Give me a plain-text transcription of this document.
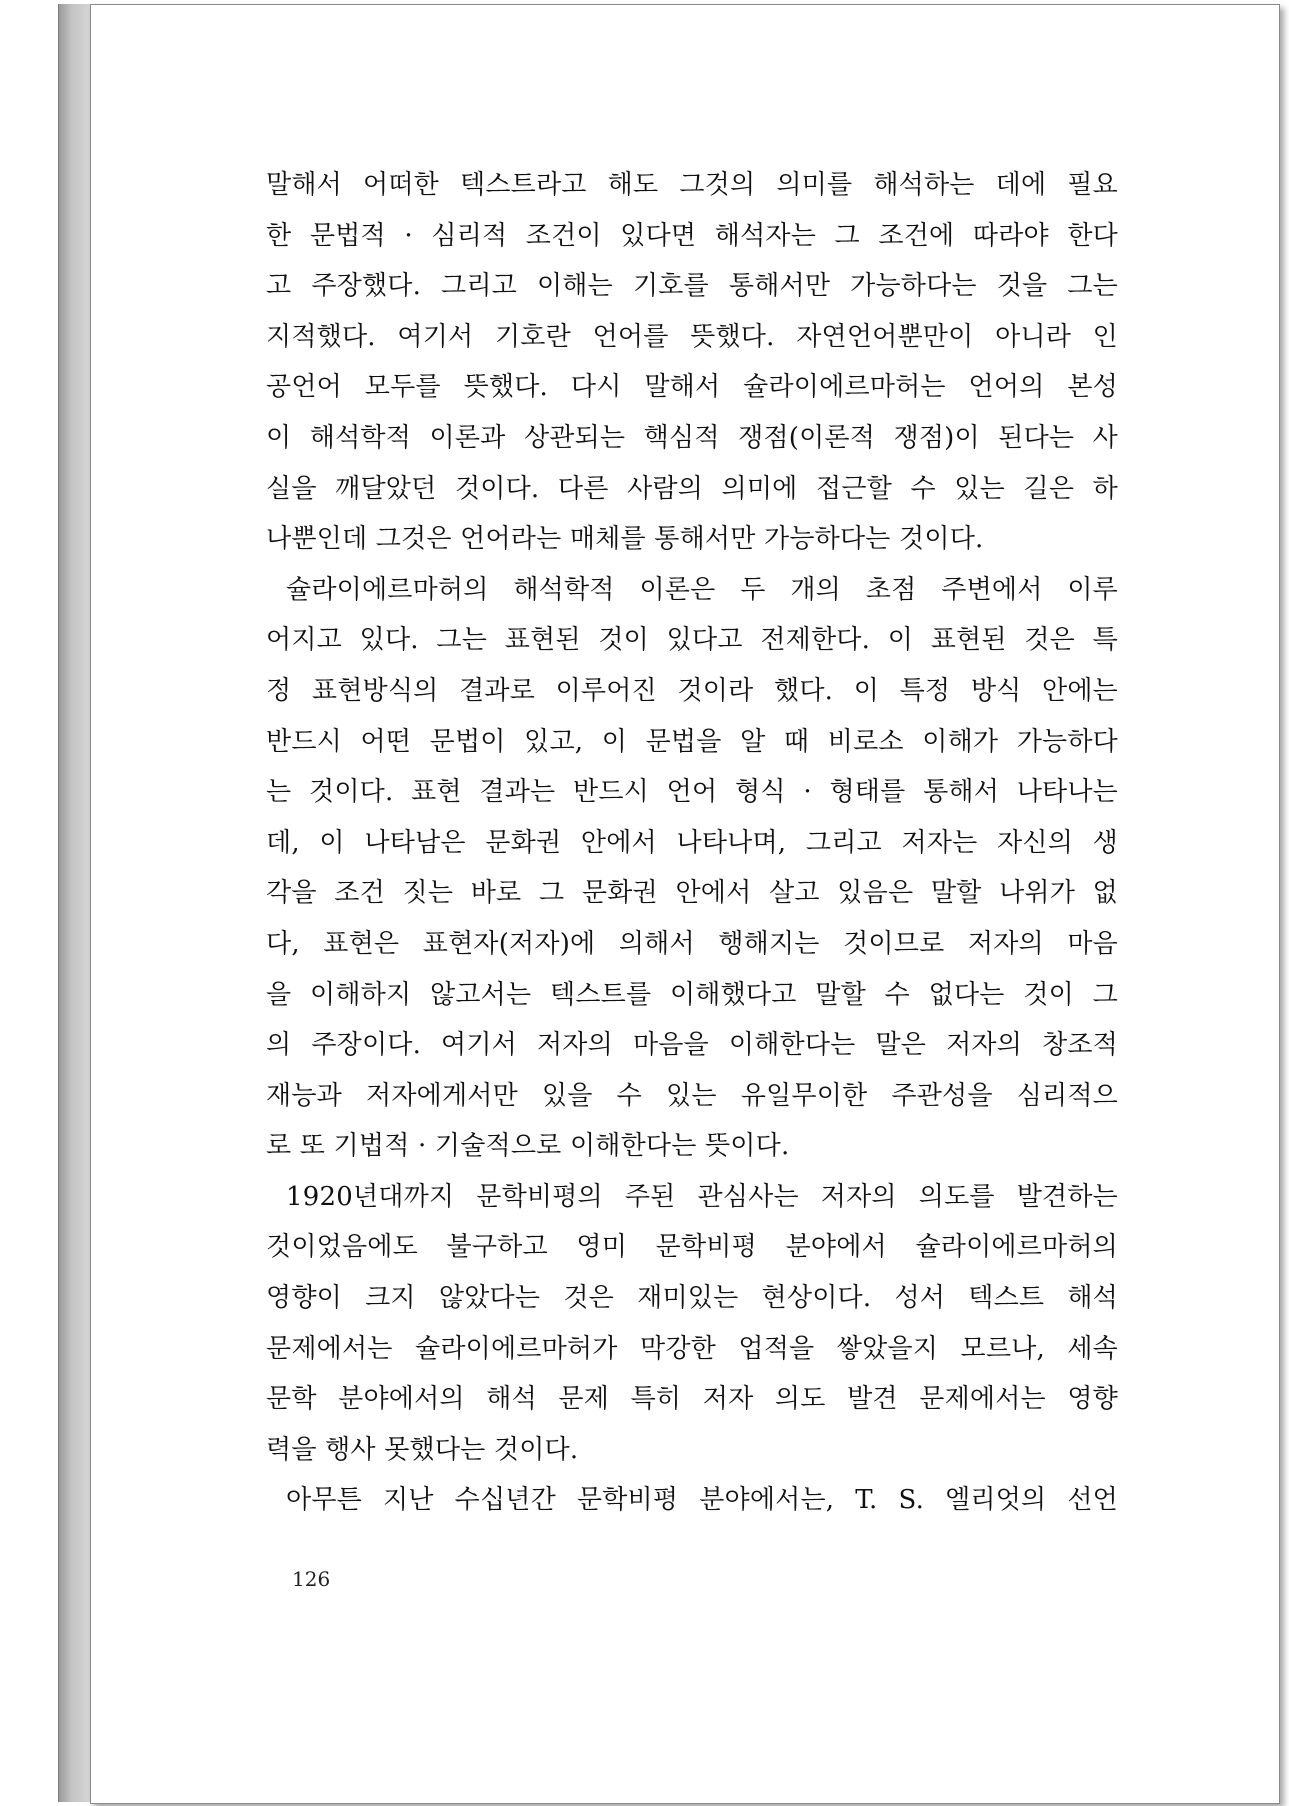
말해서 어떠한 텍스트라고 해도 그것의 의미를 해석하는 데에 필요
한 문법적 · 심리적 조건이 있다면 해석자는 그 조건에 따라야 한다
고 주장했다. 그리고 이해는 기호를 통해서만 가능하다는 것을 그는
지적했다. 여기서 기호란 언어를 뜻했다. 자연언어뿐만이 아니라 인
공언어 모두를 뜻했다. 다시 말해서 슐라이에르마허는 언어의 본성
이 해석학적 이론과 상관되는 핵심적 쟁점(이론적 쟁점)이 된다는 사
실을 깨달았던 것이다. 다른 사람의 의미에 접근할 수 있는 길은 하
나뿐인데 그것은 언어라는 매체를 통해서만 가능하다는 것이다.
슐라이에르마허의 해석학적 이론은 두 개의 초점 주변에서 이루
어지고 있다. 그는 표현된 것이 있다고 전제한다. 이 표현된 것은 특
정 표현방식의 결과로 이루어진 것이라 했다. 이 특정 방식 안에는
반드시 어떤 문법이 있고, 이 문법을 알 때 비로소 이해가 가능하다
는 것이다. 표현 결과는 반드시 언어 형식 · 형태를 통해서 나타나는
데, 이 나타남은 문화권 안에서 나타나며, 그리고 저자는 자신의 생
각을 조건 짓는 바로 그 문화권 안에서 살고 있음은 말할 나위가 없
다, 표현은 표현자(저자)에 의해서 행해지는 것이므로 저자의 마음
을 이해하지 않고서는 텍스트를 이해했다고 말할 수 없다는 것이 그
의 주장이다. 여기서 저자의 마음을 이해한다는 말은 저자의 창조적
재능과 저자에게서만 있을 수 있는 유일무이한 주관성을 심리적으
로 또 기법적 · 기술적으로 이해한다는 뜻이다.
1920년대까지 문학비평의 주된 관심사는 저자의 의도를 발견하는
것이었음에도 불구하고 영미 문학비평 분야에서 슐라이에르마허의
영향이 크지 않았다는 것은 재미있는 현상이다. 성서 텍스트 해석
문제에서는 슐라이에르마허가 막강한 업적을 쌓았을지 모르나, 세속
문학 분야에서의 해석 문제 특히 저자 의도 발견 문제에서는 영향
력을 행사 못했다는 것이다.
아무튼 지난 수십년간 문학비평 분야에서는, T. S. 엘리엇의 선언
126
